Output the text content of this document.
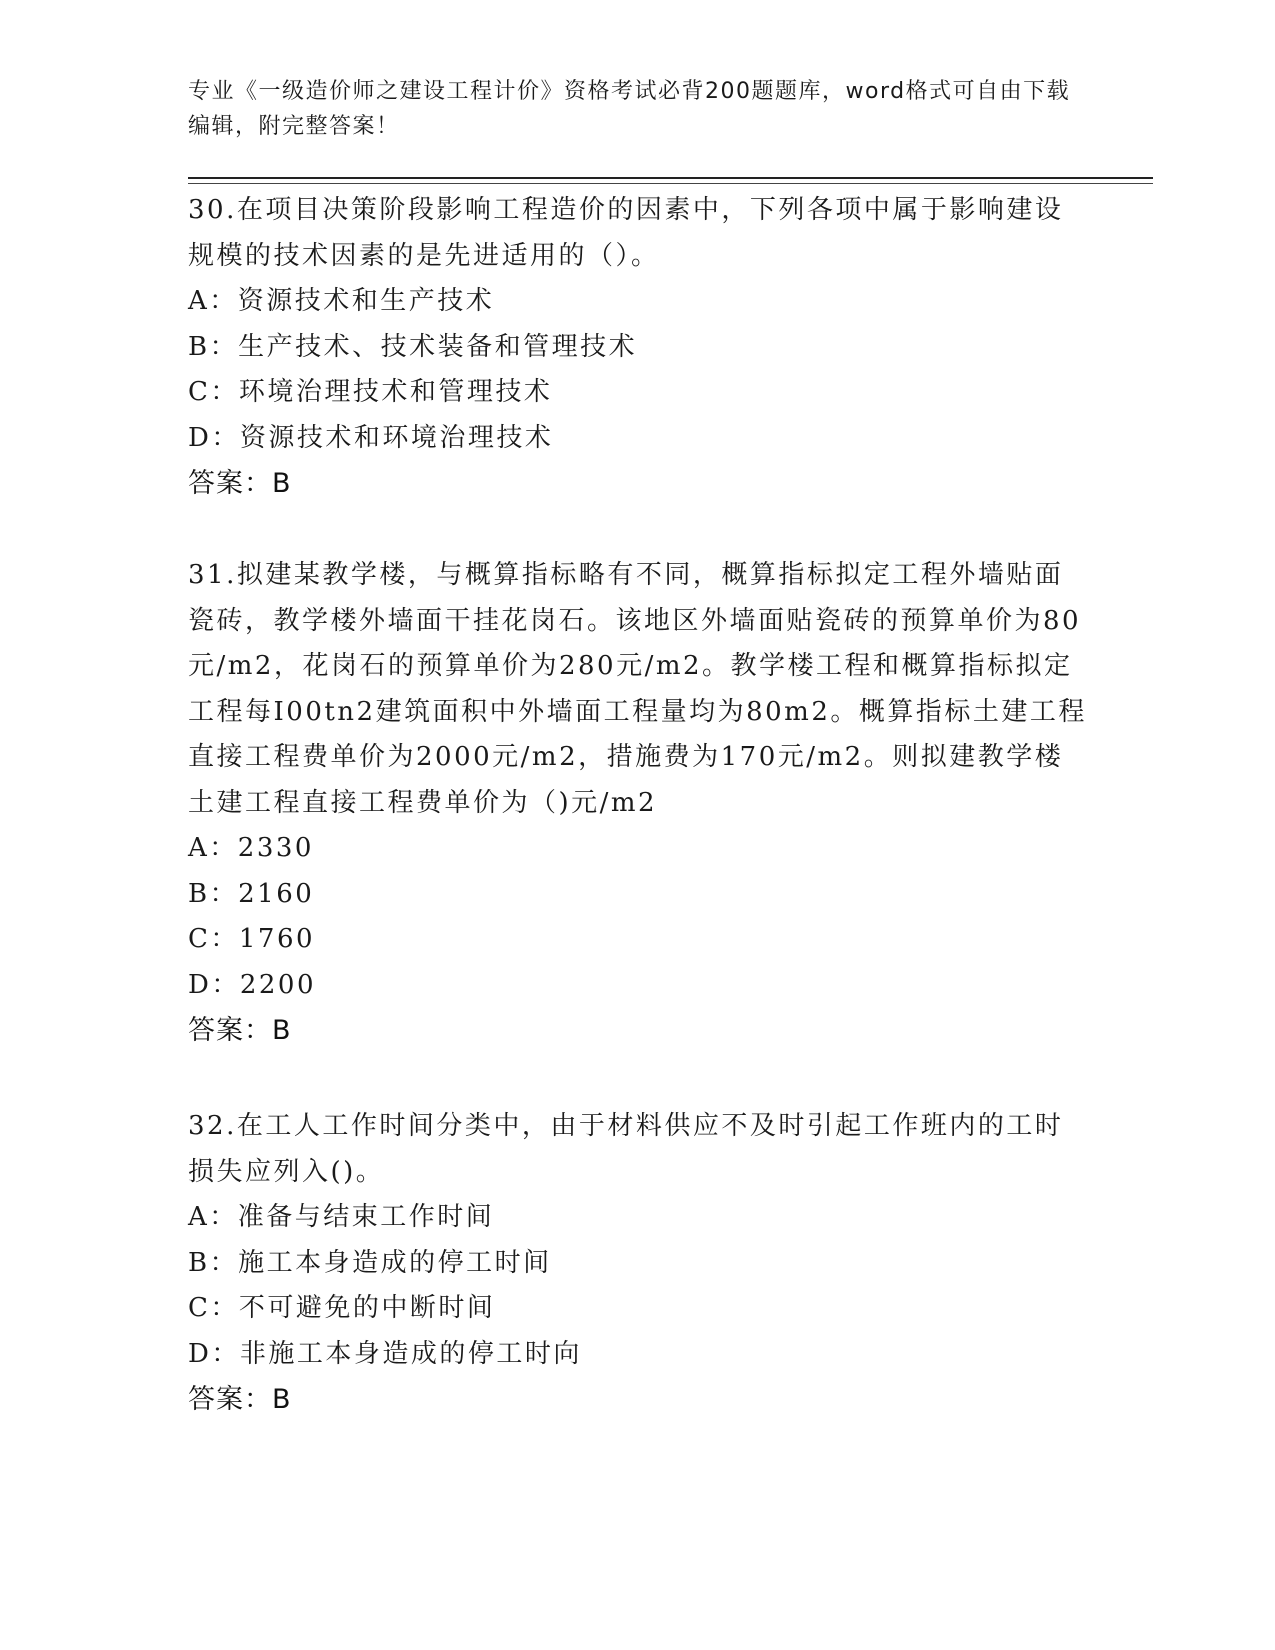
专业《一级造价师之建设工程计价》资格考试必背200题题库，word格式可自由下载编辑，附完整答案！

30.在项目决策阶段影响工程造价的因素中，下列各项中属于影响建设规模的技术因素的是先进适用的（）。

A：资源技术和生产技术

B：生产技术、技术装备和管理技术

C：环境治理技术和管理技术

D：资源技术和环境治理技术

答案：B

31.拟建某教学楼，与概算指标略有不同，概算指标拟定工程外墙贴面瓷砖，教学楼外墙面干挂花岗石。该地区外墙面贴瓷砖的预算单价为80元/m2，花岗石的预算单价为280元/m2。教学楼工程和概算指标拟定工程每I00tn2建筑面积中外墙面工程量均为80m2。概算指标土建工程直接工程费单价为2000元/m2，措施费为170元/m2。则拟建教学楼土建工程直接工程费单价为（)元/m2

A：2330

B：2160

C：1760

D：2200

答案：B

32.在工人工作时间分类中，由于材料供应不及时引起工作班内的工时损失应列入()。

A：准备与结束工作时间

B：施工本身造成的停工时间

C：不可避免的中断时间

D：非施工本身造成的停工时向

答案：B
